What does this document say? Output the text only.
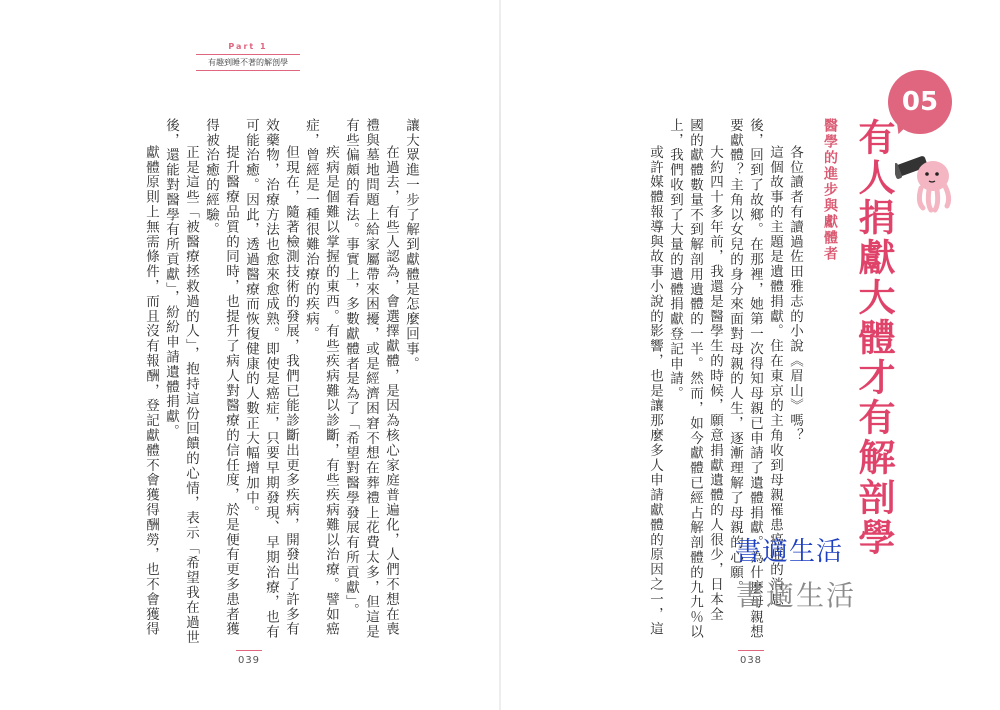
Part 1
有趣到睡不著的解剖學

讓大眾進一步了解到獻體是怎麼回事。

在過去，有些人認為，會選擇獻體，是因為核心家庭普遍化，人們不想在喪

禮與墓地問題上給家屬帶來困擾，或是經濟困窘不想在葬禮上花費太多，但這是

有些偏頗的看法。事實上，多數獻體者是為了「希望對醫學發展有所貢獻」。

疾病是個難以掌握的東西。有些疾病難以診斷，有些疾病難以治療。譬如癌

症，曾經是一種很難治療的疾病。

但現在，隨著檢測技術的發展，我們已能診斷出更多疾病，開發出了許多有

效藥物，治療方法也愈來愈成熟。即使是癌症，只要早期發現、早期治療，也有

可能治癒。因此，透過醫療而恢復健康的人數正大幅增加中。

提升醫療品質的同時，也提升了病人對醫療的信任度，於是便有更多患者獲

得被治癒的經驗。

正是這些「被醫療拯救過的人」，抱持這份回饋的心情，表示「希望我在過世

後，還能對醫學有所貢獻」，紛紛申請遺體捐獻。

獻體原則上無需條件，而且沒有報酬，登記獻體不會獲得酬勞，也不會獲得

039

各位讀者有讀過佐田雅志的小說《眉山》嗎？

這個故事的主題是遺體捐獻。住在東京的主角收到母親罹患癌症的消息

後，回到了故鄉。在那裡，她第一次得知母親已申請了遺體捐獻。為什麼母親想

要獻體？主角以女兒的身分來面對母親的人生，逐漸理解了母親的心願。

大約四十多年前，我還是醫學生的時候，願意捐獻遺體的人很少，日本全

國的獻體數量不到解剖用遺體的一半。然而，如今獻體已經占解剖體的九九％以

上，我們收到了大量的遺體捐獻登記申請。

或許媒體報導與故事小說的影響，也是讓那麼多人申請獻體的原因之一，這

038
醫學的進步與獻體者
05
有人捐獻大體才有解剖學
書適生活
書適生活
